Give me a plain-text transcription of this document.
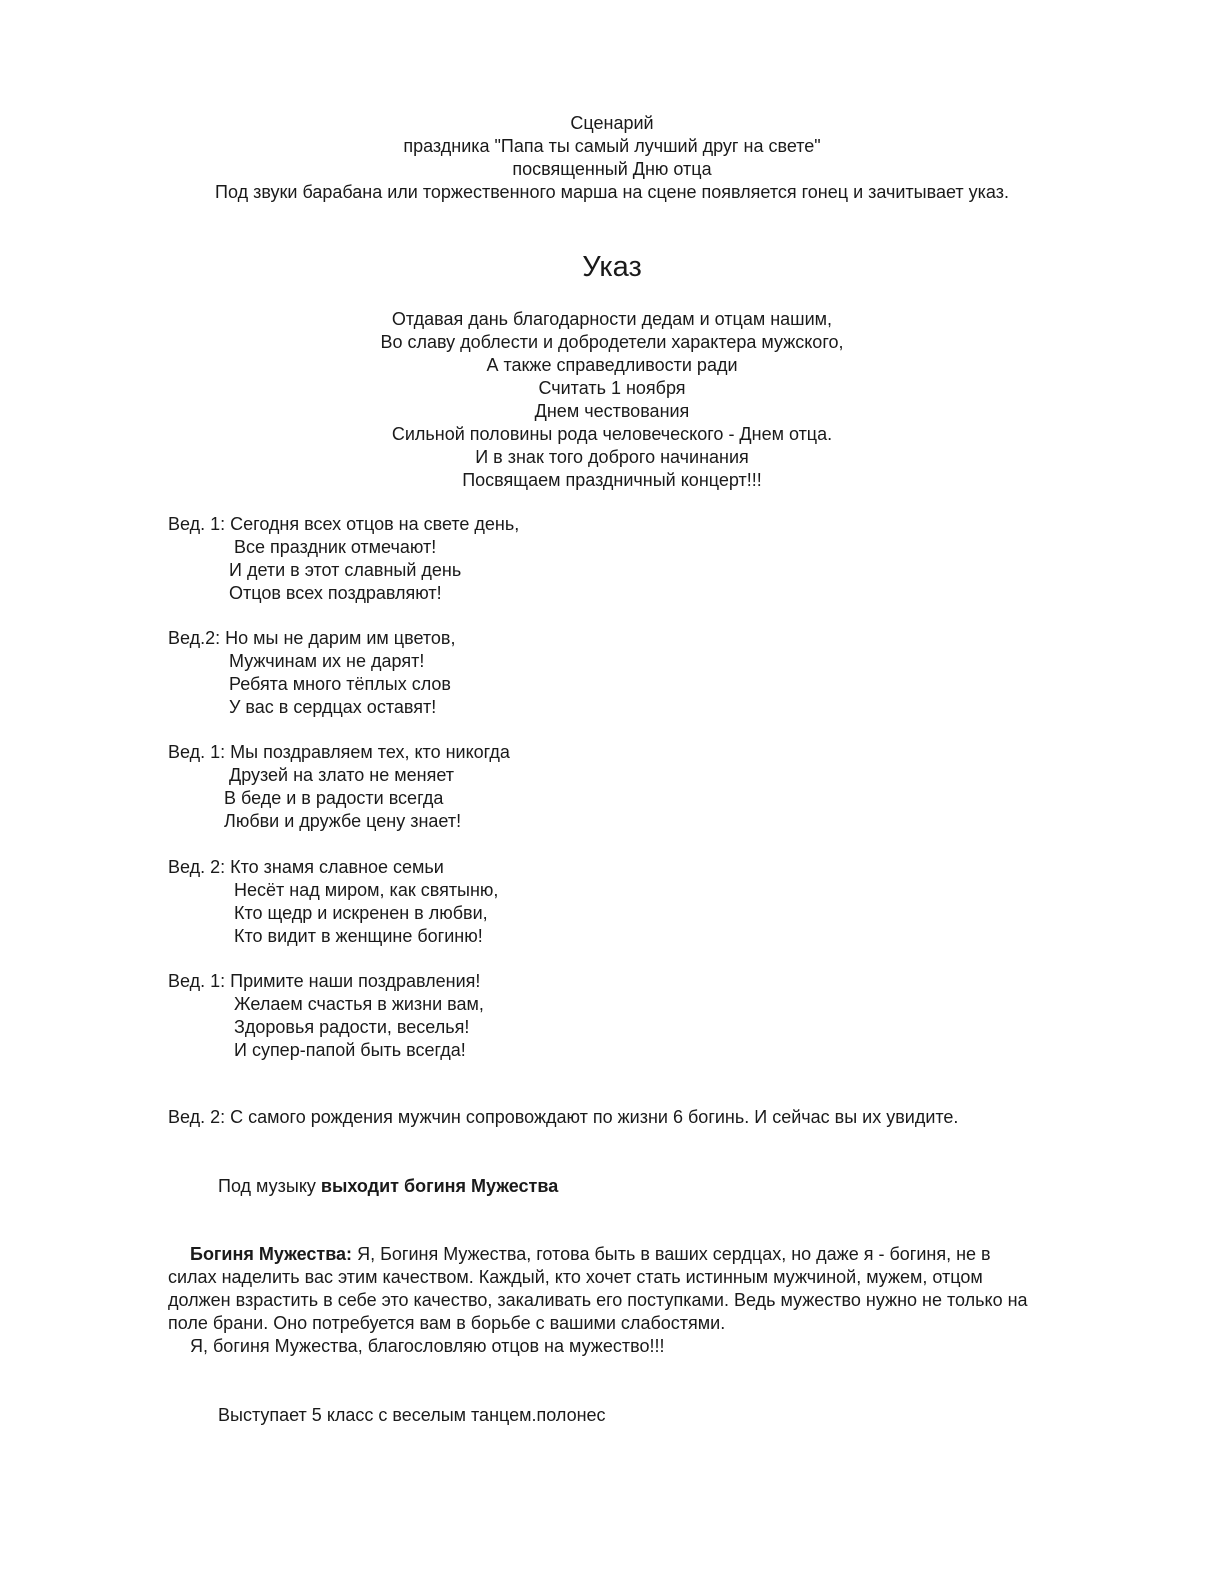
Сценарий
праздника "Папа ты самый лучший друг на свете"
посвященный Дню отца
Под звуки барабана или торжественного марша на сцене появляется гонец и зачитывает указ.
Указ
Отдавая дань благодарности дедам и отцам нашим,
Во славу доблести и добродетели характера мужского,
А также справедливости ради
Считать 1 ноября
Днем чествования
Сильной половины рода человеческого - Днем отца.
И в знак того доброго начинания
Посвящаем праздничный концерт!!!
Вед. 1: Сегодня всех отцов на свете день,
Все праздник отмечают!
И дети в этот славный день
Отцов всех поздравляют!
Вед.2: Но мы не дарим им цветов,
Мужчинам их не дарят!
Ребята много тёплых слов
У вас в сердцах оставят!
Вед. 1: Мы поздравляем тех, кто никогда
Друзей на злато не меняет
В беде и в радости всегда
Любви и дружбе цену знает!
Вед. 2: Кто знамя славное семьи
Несёт над миром, как святыню,
Кто щедр и искренен в любви,
Кто видит в женщине богиню!
Вед. 1: Примите наши поздравления!
Желаем счастья в жизни вам,
Здоровья радости, веселья!
И супер-папой быть всегда!
Вед. 2: С самого рождения мужчин сопровождают по жизни 6 богинь. И сейчас вы их увидите.
Под музыку выходит богиня Мужества
Богиня Мужества: Я, Богиня Мужества, готова быть в ваших сердцах, но даже я - богиня, не в
силах наделить вас этим качеством. Каждый, кто хочет стать истинным мужчиной, мужем, отцом
должен взрастить в себе это качество, закаливать его поступками. Ведь мужество нужно не только на
поле брани. Оно потребуется вам в борьбе с вашими слабостями.
Я, богиня Мужества, благословляю отцов на мужество!!!
Выступает 5 класс с веселым танцем.полонес
